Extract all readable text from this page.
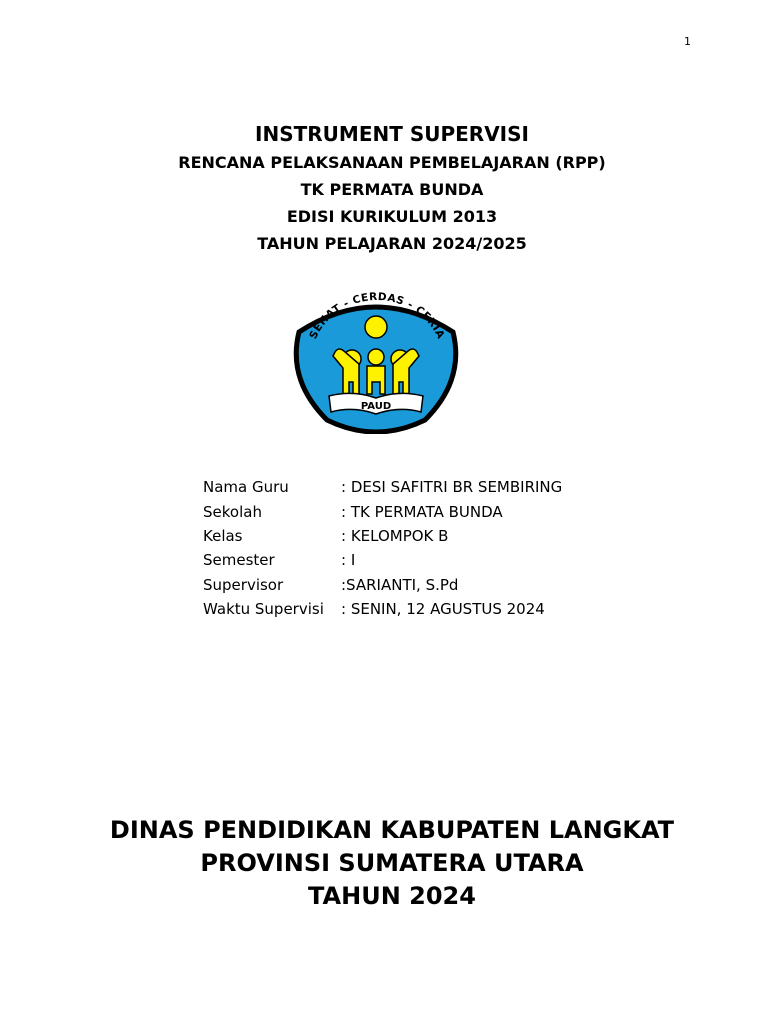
1
INSTRUMENT SUPERVISI
RENCANA PELAKSANAAN PEMBELAJARAN (RPP)
TK PERMATA BUNDA
EDISI KURIKULUM 2013
TAHUN PELAJARAN 2024/2025
SEHAT - CERDAS - CERIA
PAUD
Nama Guru	: DESI SAFITRI BR SEMBIRING
Sekolah	: TK PERMATA BUNDA
Kelas	: KELOMPOK B
Semester	: I
Supervisor	:SARIANTI, S.Pd
Waktu Supervisi	: SENIN, 12 AGUSTUS 2024
DINAS PENDIDIKAN KABUPATEN LANGKAT
PROVINSI SUMATERA UTARA
TAHUN 2024
